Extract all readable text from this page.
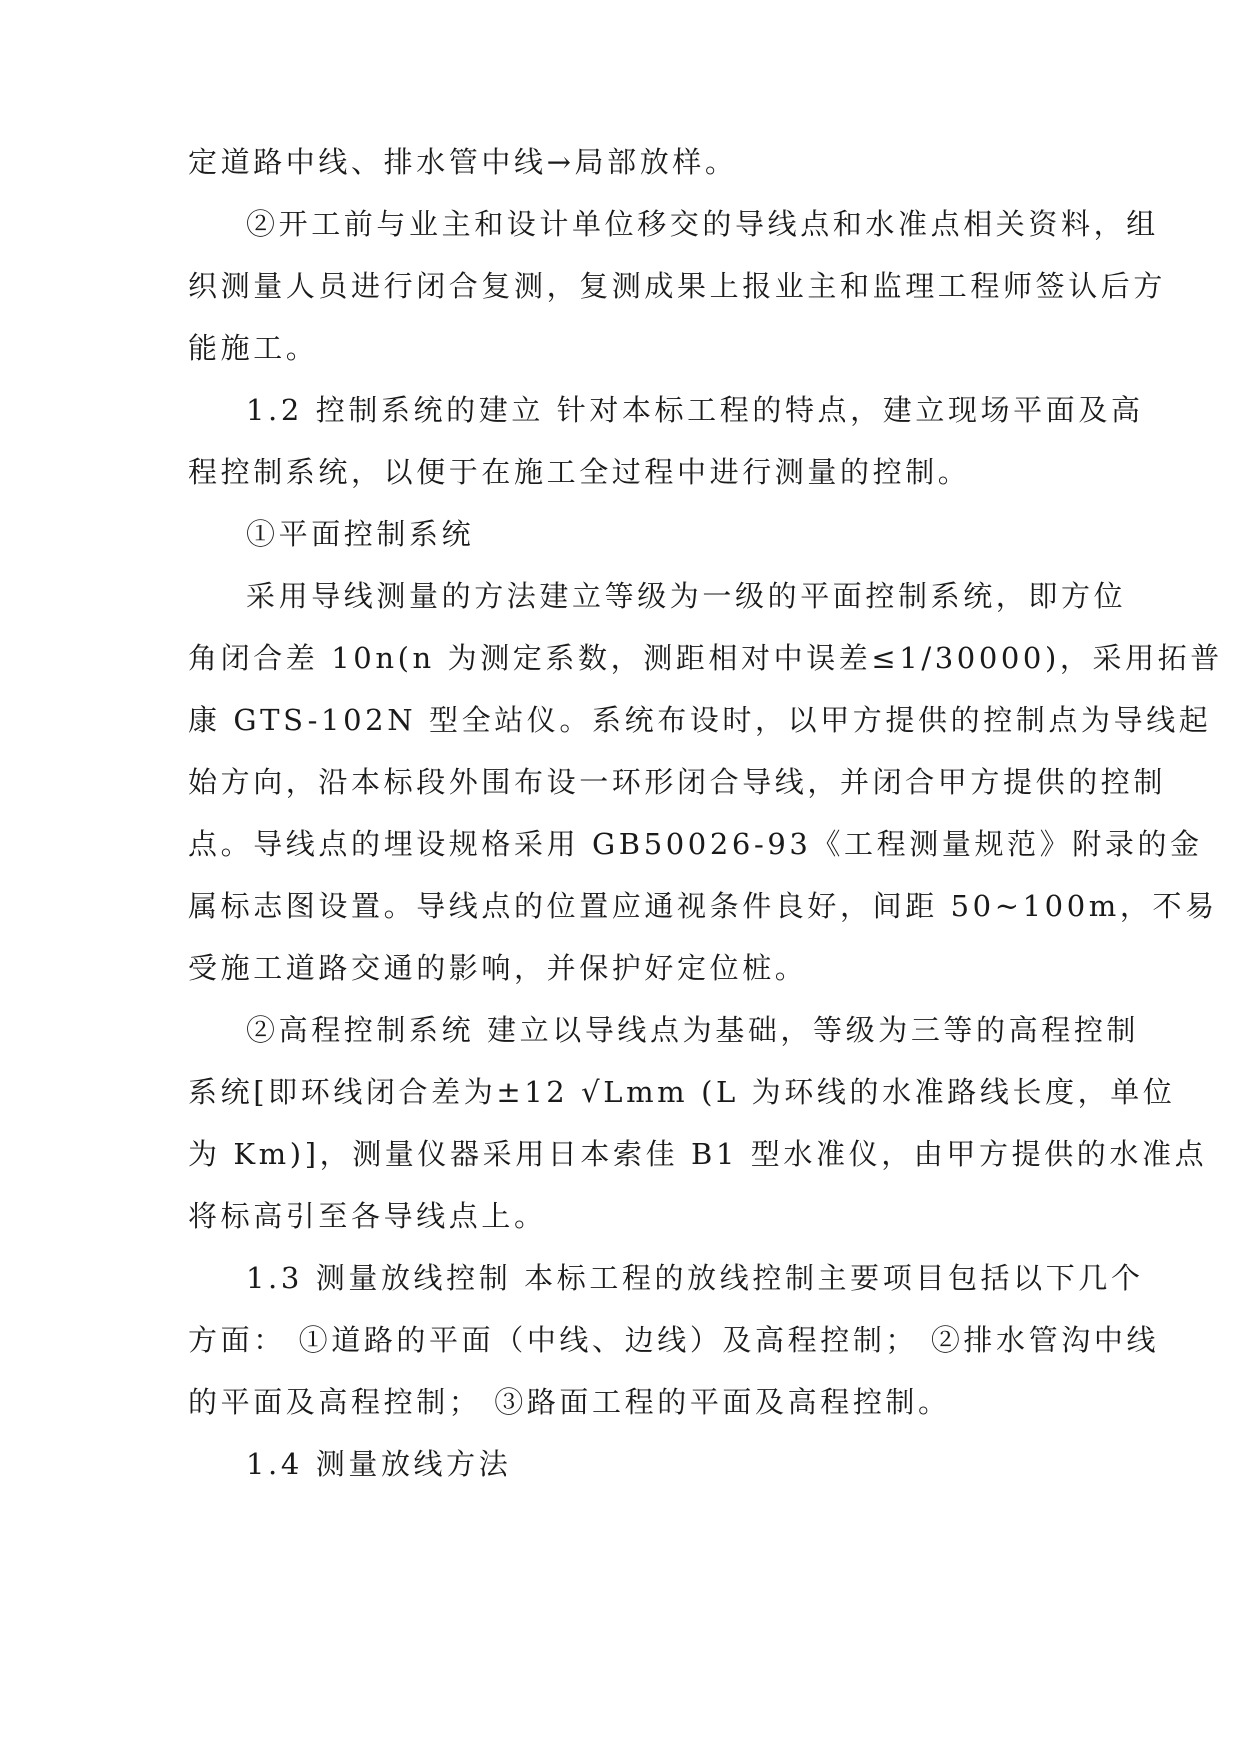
定道路中线、排水管中线→局部放样。
②开工前与业主和设计单位移交的导线点和水准点相关资料，组
织测量人员进行闭合复测，复测成果上报业主和监理工程师签认后方
能施工。
1.2 控制系统的建立 针对本标工程的特点，建立现场平面及高
程控制系统，以便于在施工全过程中进行测量的控制。
①平面控制系统
采用导线测量的方法建立等级为一级的平面控制系统，即方位
角闭合差 10n(n 为测定系数，测距相对中误差≤1/30000)，采用拓普
康 GTS-102N 型全站仪。系统布设时，以甲方提供的控制点为导线起
始方向，沿本标段外围布设一环形闭合导线，并闭合甲方提供的控制
点。导线点的埋设规格采用 GB50026-93《工程测量规范》附录的金
属标志图设置。导线点的位置应通视条件良好，间距 50~100m，不易
受施工道路交通的影响，并保护好定位桩。
②高程控制系统 建立以导线点为基础，等级为三等的高程控制
系统[即环线闭合差为±12 √Lmm (L 为环线的水准路线长度，单位
为 Km)]，测量仪器采用日本索佳 B1 型水准仪，由甲方提供的水准点
将标高引至各导线点上。
1.3 测量放线控制 本标工程的放线控制主要项目包括以下几个
方面： ①道路的平面（中线、边线）及高程控制； ②排水管沟中线
的平面及高程控制； ③路面工程的平面及高程控制。
1.4 测量放线方法
